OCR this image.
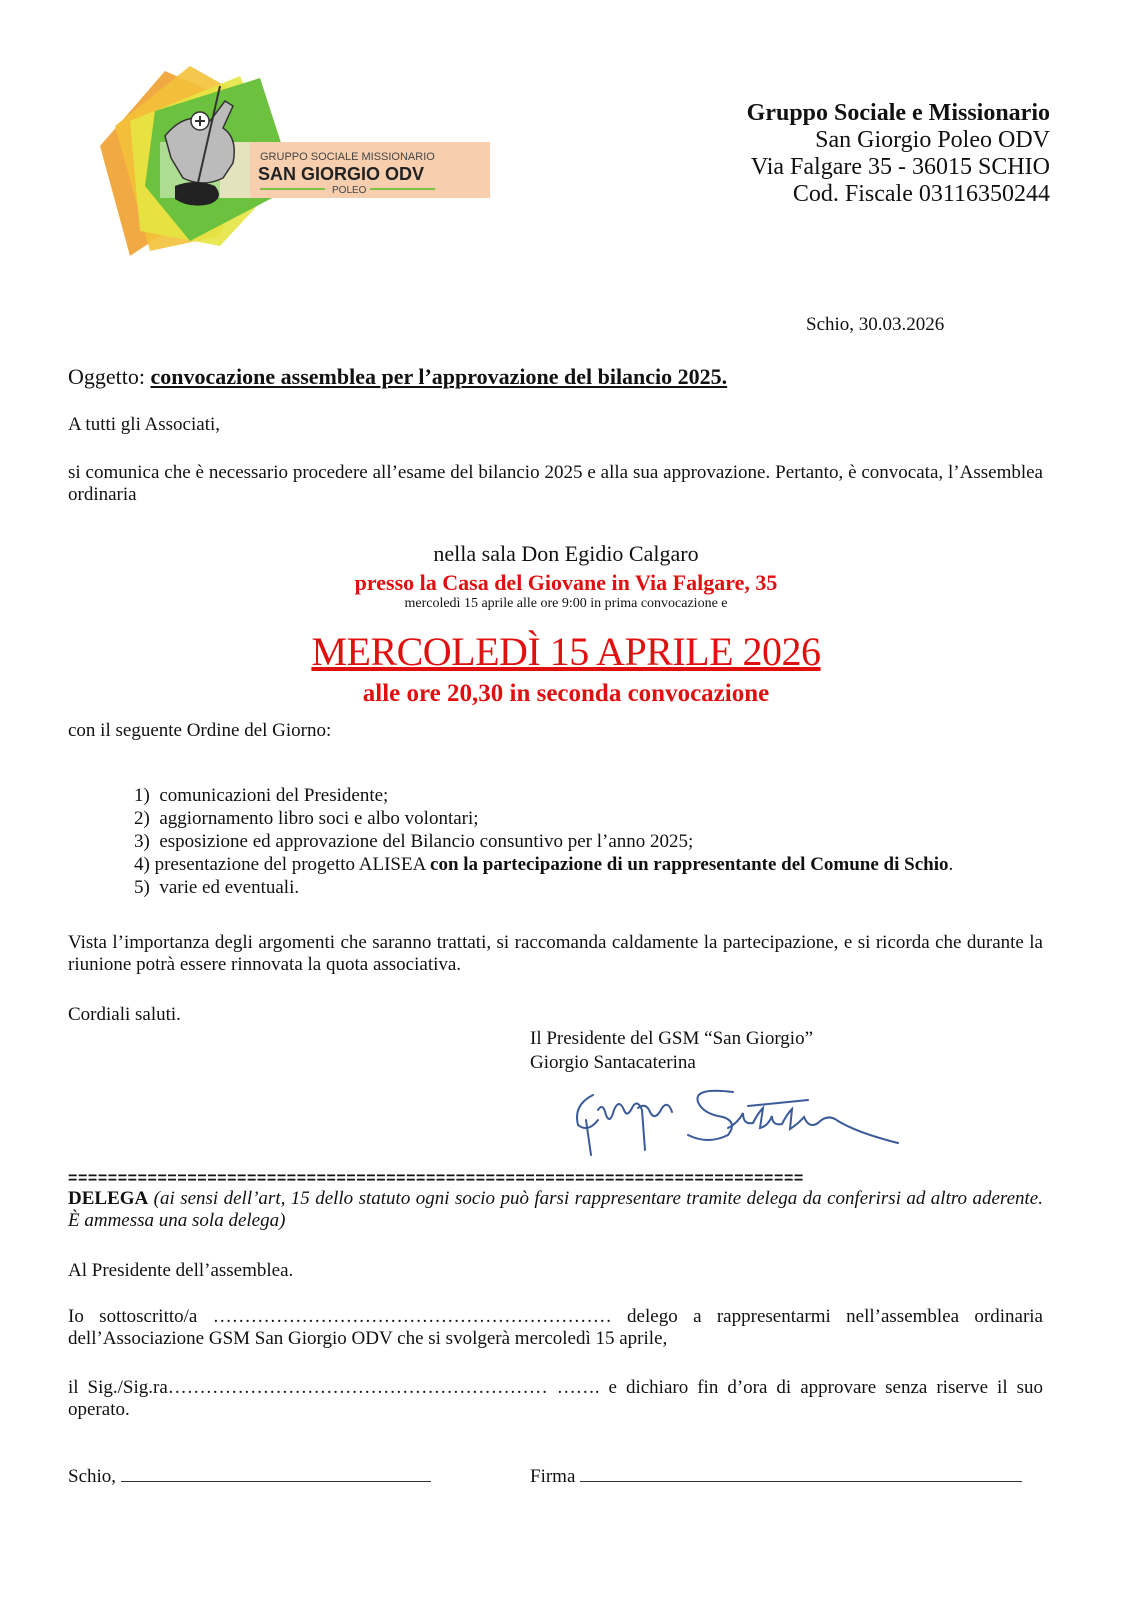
GRUPPO SOCIALE MISSIONARIO
SAN GIORGIO ODV
POLEO
Gruppo Sociale e Missionario
San Giorgio Poleo ODV
Via Falgare 35 - 36015 SCHIO
Cod. Fiscale 03116350244
Schio, 30.03.2026
Oggetto: convocazione assemblea per l’approvazione del bilancio 2025.
A tutti gli Associati,
si comunica che è necessario procedere all’esame del bilancio 2025 e alla sua approvazione. Pertanto, è convocata, l’Assemblea ordinaria
nella sala Don Egidio Calgaro
presso la Casa del Giovane in Via Falgare, 35
mercoledì 15 aprile alle ore 9:00 in prima convocazione e
MERCOLEDÌ 15 APRILE 2026
alle ore 20,30 in seconda convocazione
con il seguente Ordine del Giorno:
1) comunicazioni del Presidente;
2) aggiornamento libro soci e albo volontari;
3) esposizione ed approvazione del Bilancio consuntivo per l’anno 2025;
4) presentazione del progetto ALISEA con la partecipazione di un rappresentante del Comune di Schio.
5) varie ed eventuali.
Vista l’importanza degli argomenti che saranno trattati, si raccomanda caldamente la partecipazione, e si ricorda che durante la riunione potrà essere rinnovata la quota associativa.
Cordiali saluti.
Il Presidente del GSM “San Giorgio”
Giorgio Santacaterina
==========================================================================
DELEGA (ai sensi dell’art, 15 dello statuto ogni socio può farsi rappresentare tramite delega da conferirsi ad altro aderente. È ammessa una sola delega)
Al Presidente dell’assemblea.
Io sottoscritto/a ……………………………………………………… delego a rappresentarmi nell’assemblea ordinaria dell’Associazione GSM San Giorgio ODV che si svolgerà mercoledì 15 aprile,
il Sig./Sig.ra…………………………………………………… ……. e dichiaro fin d’ora di approvare senza riserve il suo operato.
Schio,	Firma
